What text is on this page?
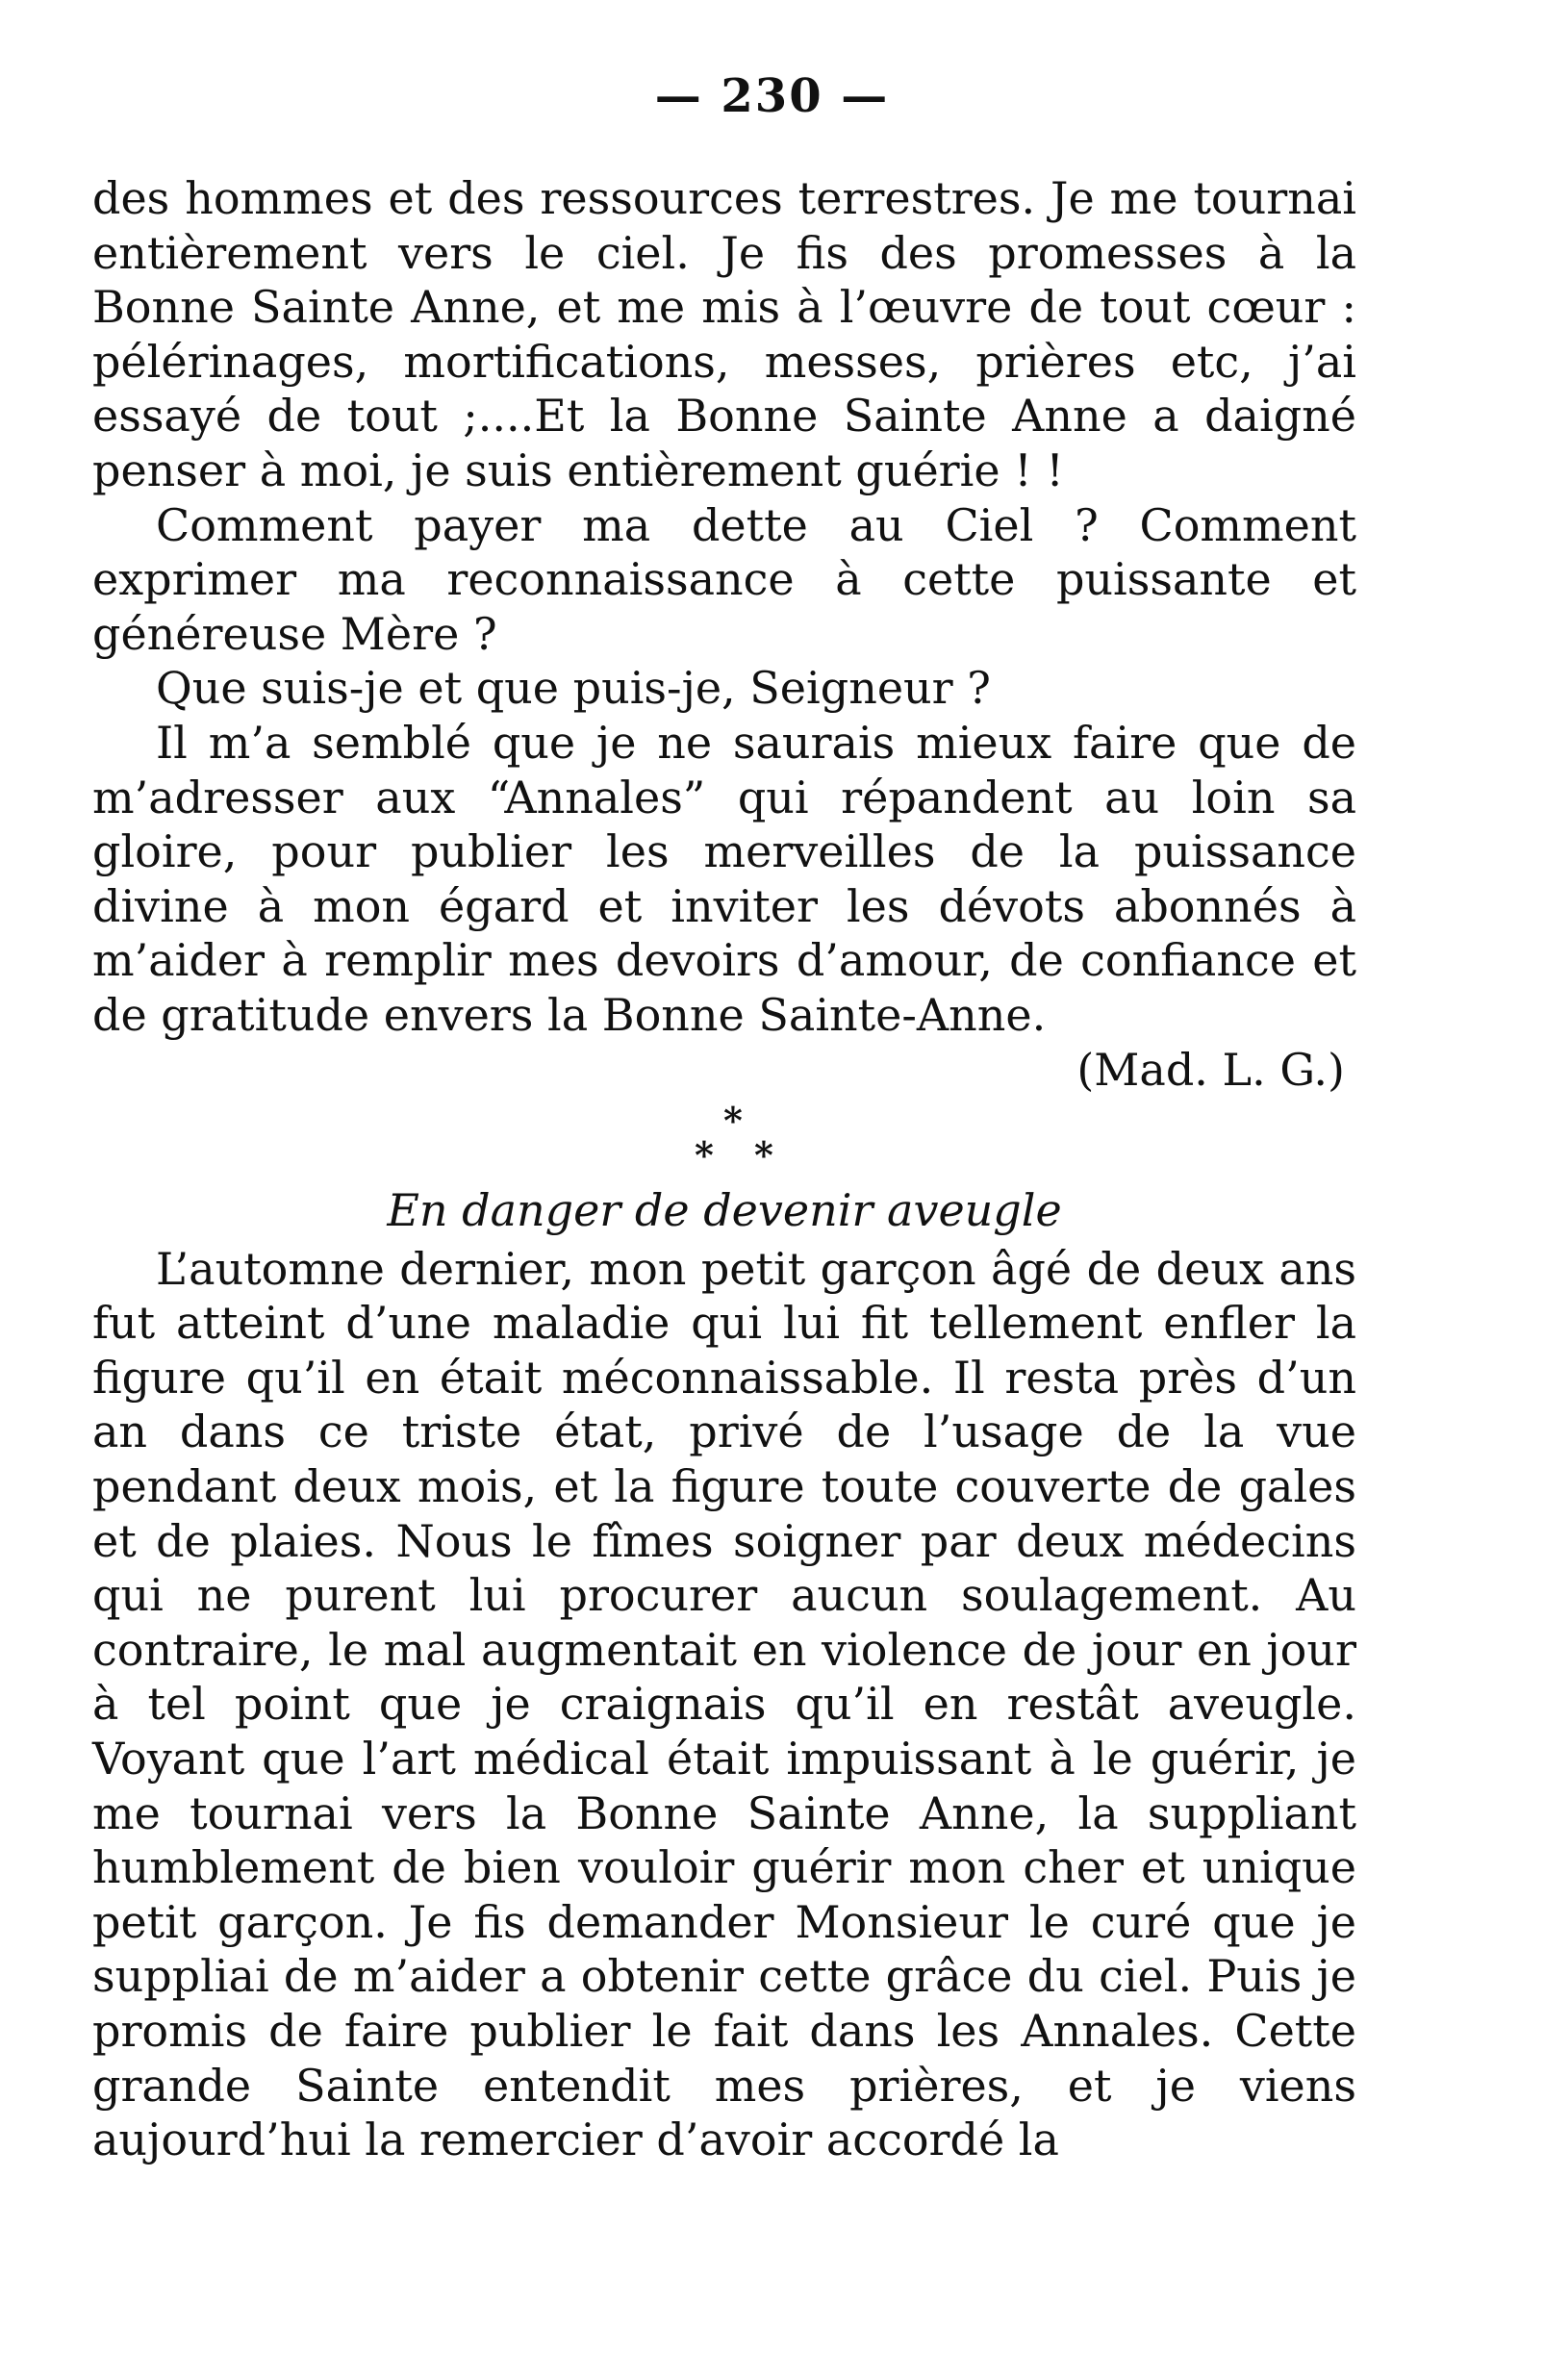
— 230 —

des hommes et des ressources terrestres. Je me tournai entièrement vers le ciel. Je fis des promesses à la Bonne Sainte Anne, et me mis à l’œuvre de tout cœur : pélérinages, mortifications, messes, prières etc, j’ai essayé de tout ;....Et la Bonne Sainte Anne a daigné penser à moi, je suis entièrement guérie ! !

Comment payer ma dette au Ciel ? Comment exprimer ma reconnaissance à cette puissante et généreuse Mère ?

Que suis-je et que puis-je, Seigneur ?

Il m’a semblé que je ne saurais mieux faire que de m’adresser aux “Annales” qui répandent au loin sa gloire, pour publier les merveilles de la puissance divine à mon égard et inviter les dévots abonnés à m’aider à remplir mes devoirs d’amour, de confiance et de gratitude envers la Bonne Sainte-Anne.

(Mad. L. G.)

*
* *

En danger de devenir aveugle

L’automne dernier, mon petit garçon âgé de deux ans fut atteint d’une maladie qui lui fit tellement enfler la figure qu’il en était méconnaissable. Il resta près d’un an dans ce triste état, privé de l’usage de la vue pendant deux mois, et la figure toute couverte de gales et de plaies. Nous le fîmes soigner par deux médecins qui ne purent lui procurer aucun soulagement. Au contraire, le mal augmentait en violence de jour en jour à tel point que je craignais qu’il en restât aveugle. Voyant que l’art médical était impuissant à le guérir, je me tournai vers la Bonne Sainte Anne, la suppliant humblement de bien vouloir guérir mon cher et unique petit garçon. Je fis demander Monsieur le curé que je suppliai de m’aider a obtenir cette grâce du ciel. Puis je promis de faire publier le fait dans les Annales. Cette grande Sainte entendit mes prières, et je viens aujourd’hui la remercier d’avoir accordé la
